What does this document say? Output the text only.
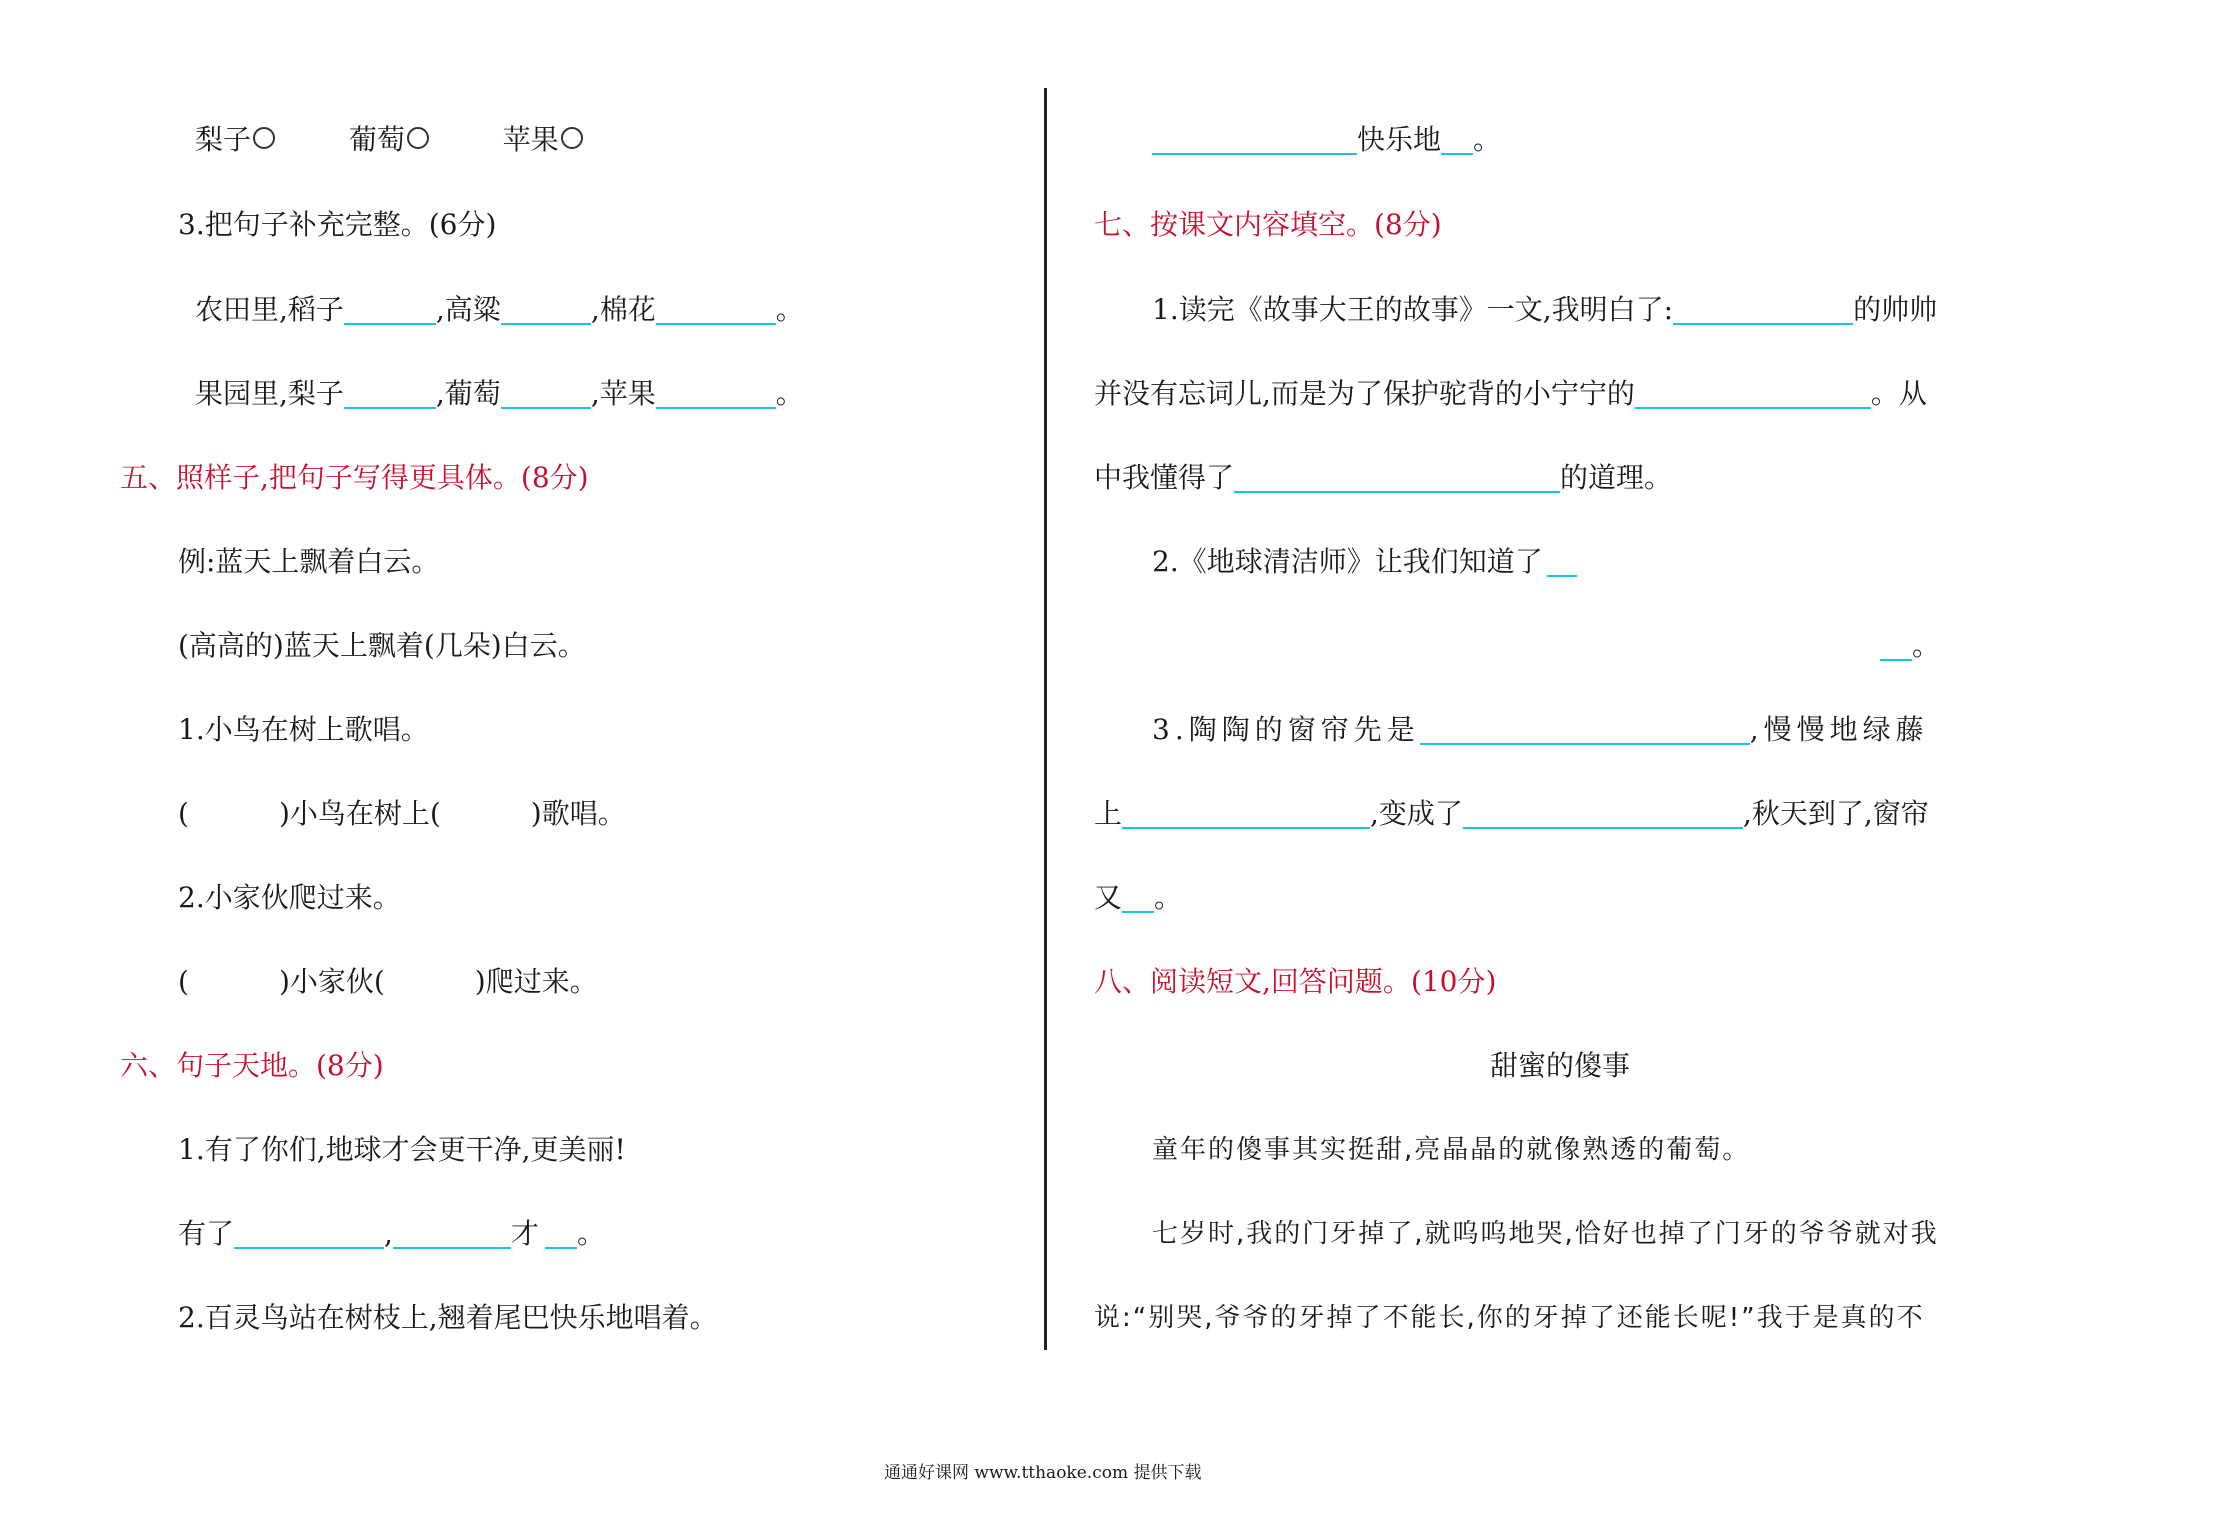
梨子	葡萄	苹果
3.把句子补充完整。(6分)
农田里,稻子	,高粱	,棉花	。
果园里,梨子	,葡萄	,苹果	。
五、照样子,把句子写得更具体。(8分)
例:蓝天上飘着白云。
(高高的)蓝天上飘着(几朵)白云。
1.小鸟在树上歌唱。
(	)小鸟在树上(	)歌唱。
2.小家伙爬过来。
(	)小家伙(	)爬过来。
六、句子天地。(8分)
1.有了你们,地球才会更干净,更美丽!
有了	,	才 。
2.百灵鸟站在树枝上,翘着尾巴快乐地唱着。
快乐地 。
七、按课文内容填空。(8分)
1.读完《故事大王的故事》一文,我明白了:	的帅帅
并没有忘词儿,而是为了保护驼背的小宁宁的	。从
中我懂得了	的道理。
2.《地球清洁师》让我们知道了
。
3.陶陶的窗帘先是	,慢慢地绿藤
上	,变成了	,秋天到了,窗帘
又 。
八、阅读短文,回答问题。(10分)
甜蜜的傻事
童年的傻事其实挺甜,亮晶晶的就像熟透的葡萄。
七岁时,我的门牙掉了,就呜呜地哭,恰好也掉了门牙的爷爷就对我
说:“别哭,爷爷的牙掉了不能长,你的牙掉了还能长呢!”我于是真的不
通通好课网 www.tthaoke.com 提供下载
